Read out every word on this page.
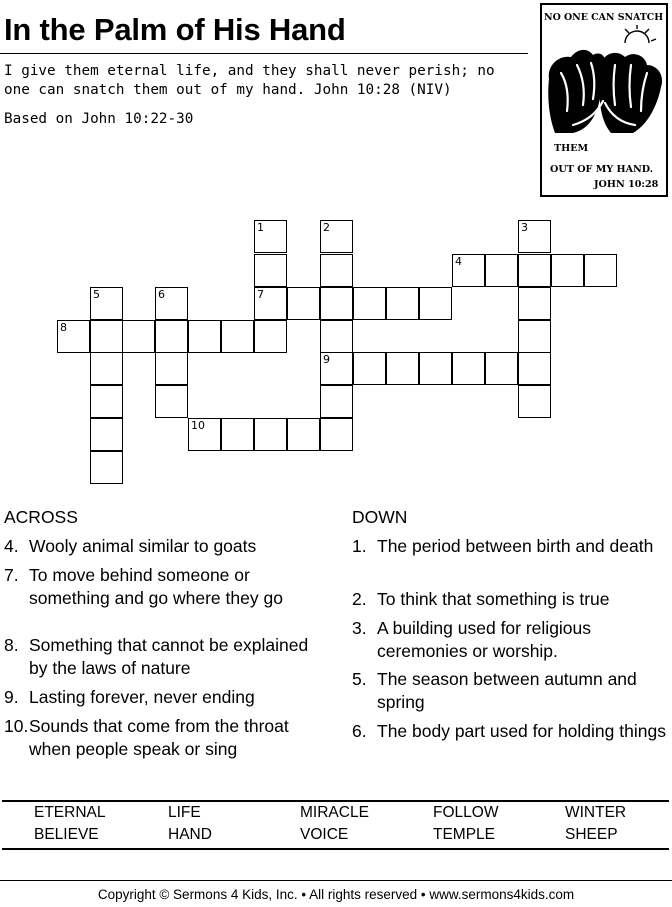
In the Palm of His Hand
I give them eternal life, and they shall never perish; no one can snatch them out of my hand. John 10:28 (NIV)
Based on John 10:22-30
NO ONE CAN SNATCH
THEM
OUT OF MY HAND.
JOHN 10:28
1
7
2
9
3
4
5	6
8
10
ACROSS
4. Wooly animal similar to goats
7. To move behind someone or something and go where they go
8. Something that cannot be explained by the laws of nature
9. Lasting forever, never ending
10. Sounds that come from the throat when people speak or sing
DOWN
1. The period between birth and death
2. To think that something is true
3. A building used for religious ceremonies or worship.
5. The season between autumn and spring
6. The body part used for holding things
ETERNAL	LIFE	MIRACLE	FOLLOW	WINTER
BELIEVE	HAND	VOICE	TEMPLE	SHEEP
Copyright © Sermons 4 Kids, Inc. • All rights reserved • www.sermons4kids.com
